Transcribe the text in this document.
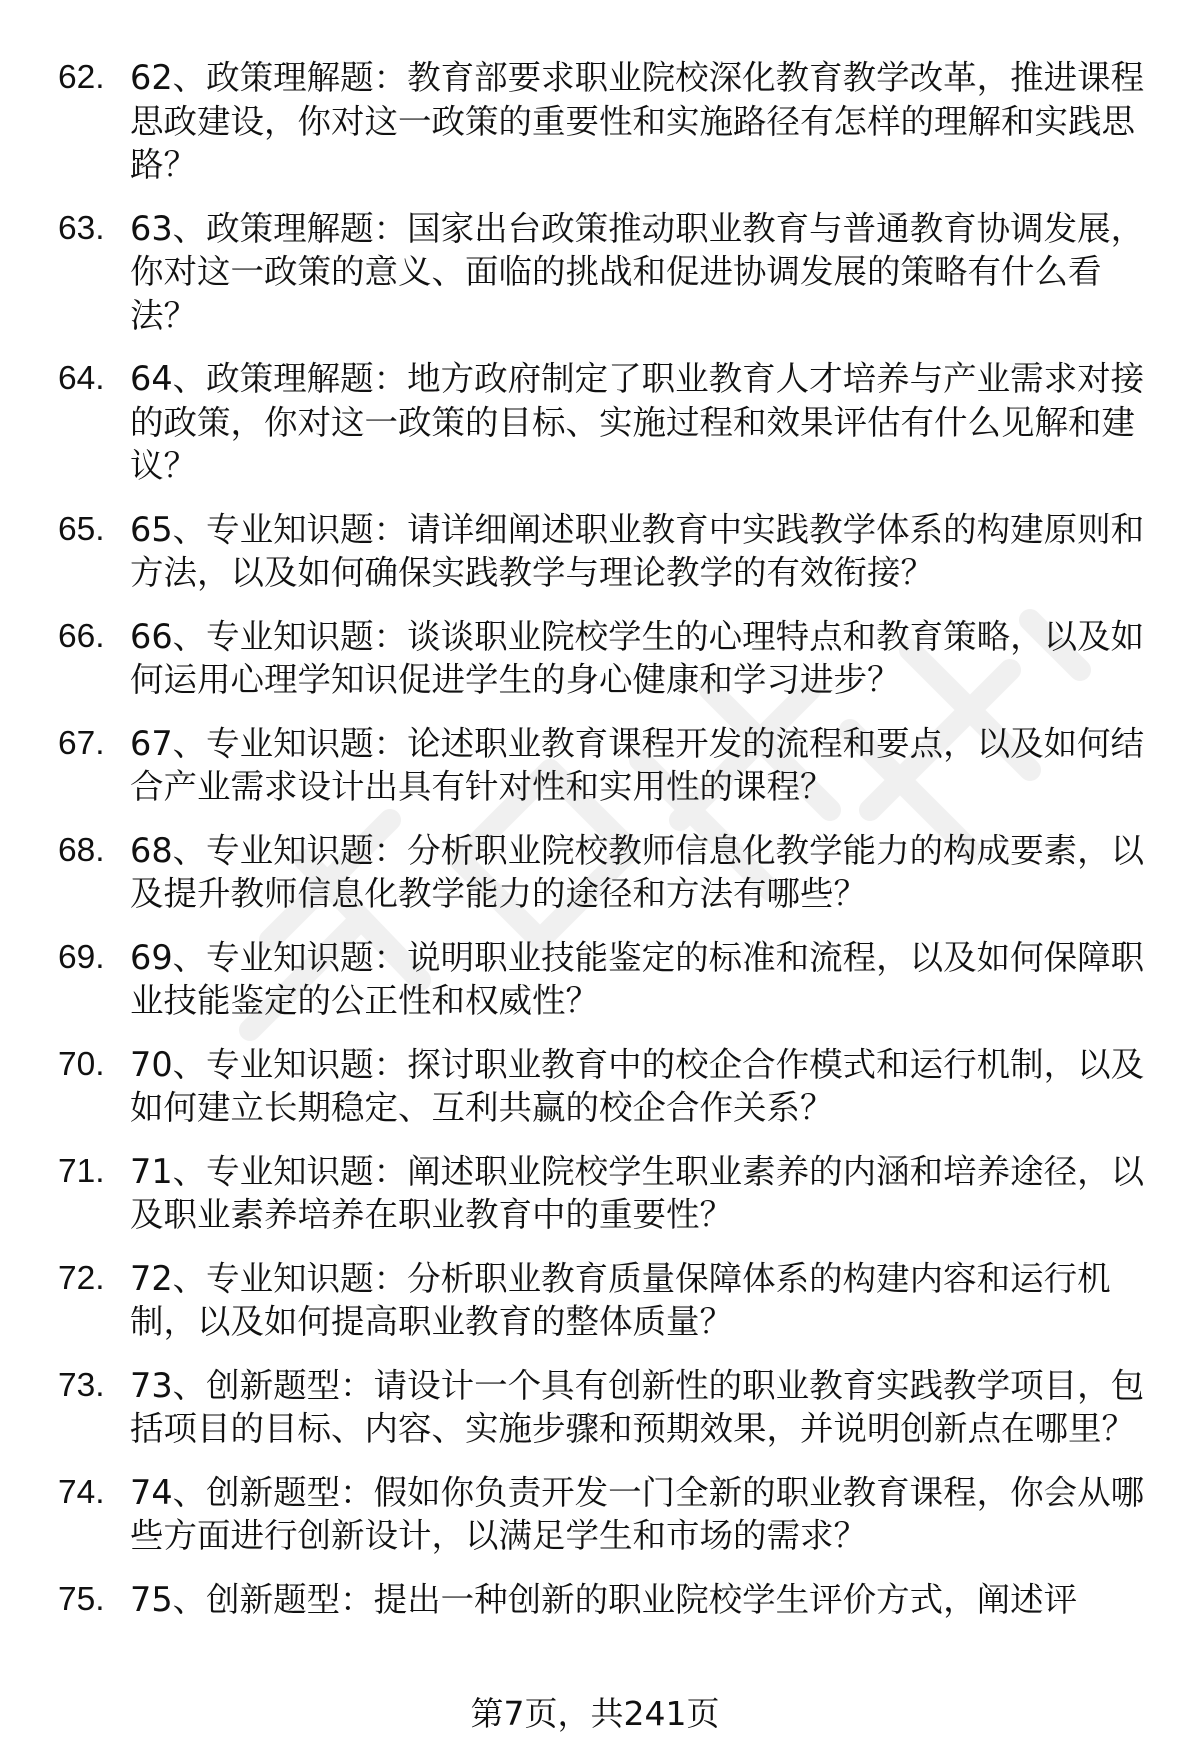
62. 62、政策理解题：教育部要求职业院校深化教育教学改革，推进课程思政建设，你对这一政策的重要性和实施路径有怎样的理解和实践思路？
63. 63、政策理解题：国家出台政策推动职业教育与普通教育协调发展，你对这一政策的意义、面临的挑战和促进协调发展的策略有什么看法？
64. 64、政策理解题：地方政府制定了职业教育人才培养与产业需求对接的政策，你对这一政策的目标、实施过程和效果评估有什么见解和建议？
65. 65、专业知识题：请详细阐述职业教育中实践教学体系的构建原则和方法，以及如何确保实践教学与理论教学的有效衔接？
66. 66、专业知识题：谈谈职业院校学生的心理特点和教育策略，以及如何运用心理学知识促进学生的身心健康和学习进步？
67. 67、专业知识题：论述职业教育课程开发的流程和要点，以及如何结合产业需求设计出具有针对性和实用性的课程？
68. 68、专业知识题：分析职业院校教师信息化教学能力的构成要素，以及提升教师信息化教学能力的途径和方法有哪些？
69. 69、专业知识题：说明职业技能鉴定的标准和流程，以及如何保障职业技能鉴定的公正性和权威性？
70. 70、专业知识题：探讨职业教育中的校企合作模式和运行机制，以及如何建立长期稳定、互利共赢的校企合作关系？
71. 71、专业知识题：阐述职业院校学生职业素养的内涵和培养途径，以及职业素养培养在职业教育中的重要性？
72. 72、专业知识题：分析职业教育质量保障体系的构建内容和运行机制，以及如何提高职业教育的整体质量？
73. 73、创新题型：请设计一个具有创新性的职业教育实践教学项目，包括项目的目标、内容、实施步骤和预期效果，并说明创新点在哪里？
74. 74、创新题型：假如你负责开发一门全新的职业教育课程，你会从哪些方面进行创新设计，以满足学生和市场的需求？
75. 75、创新题型：提出一种创新的职业院校学生评价方式，阐述评
第7页，共241页
